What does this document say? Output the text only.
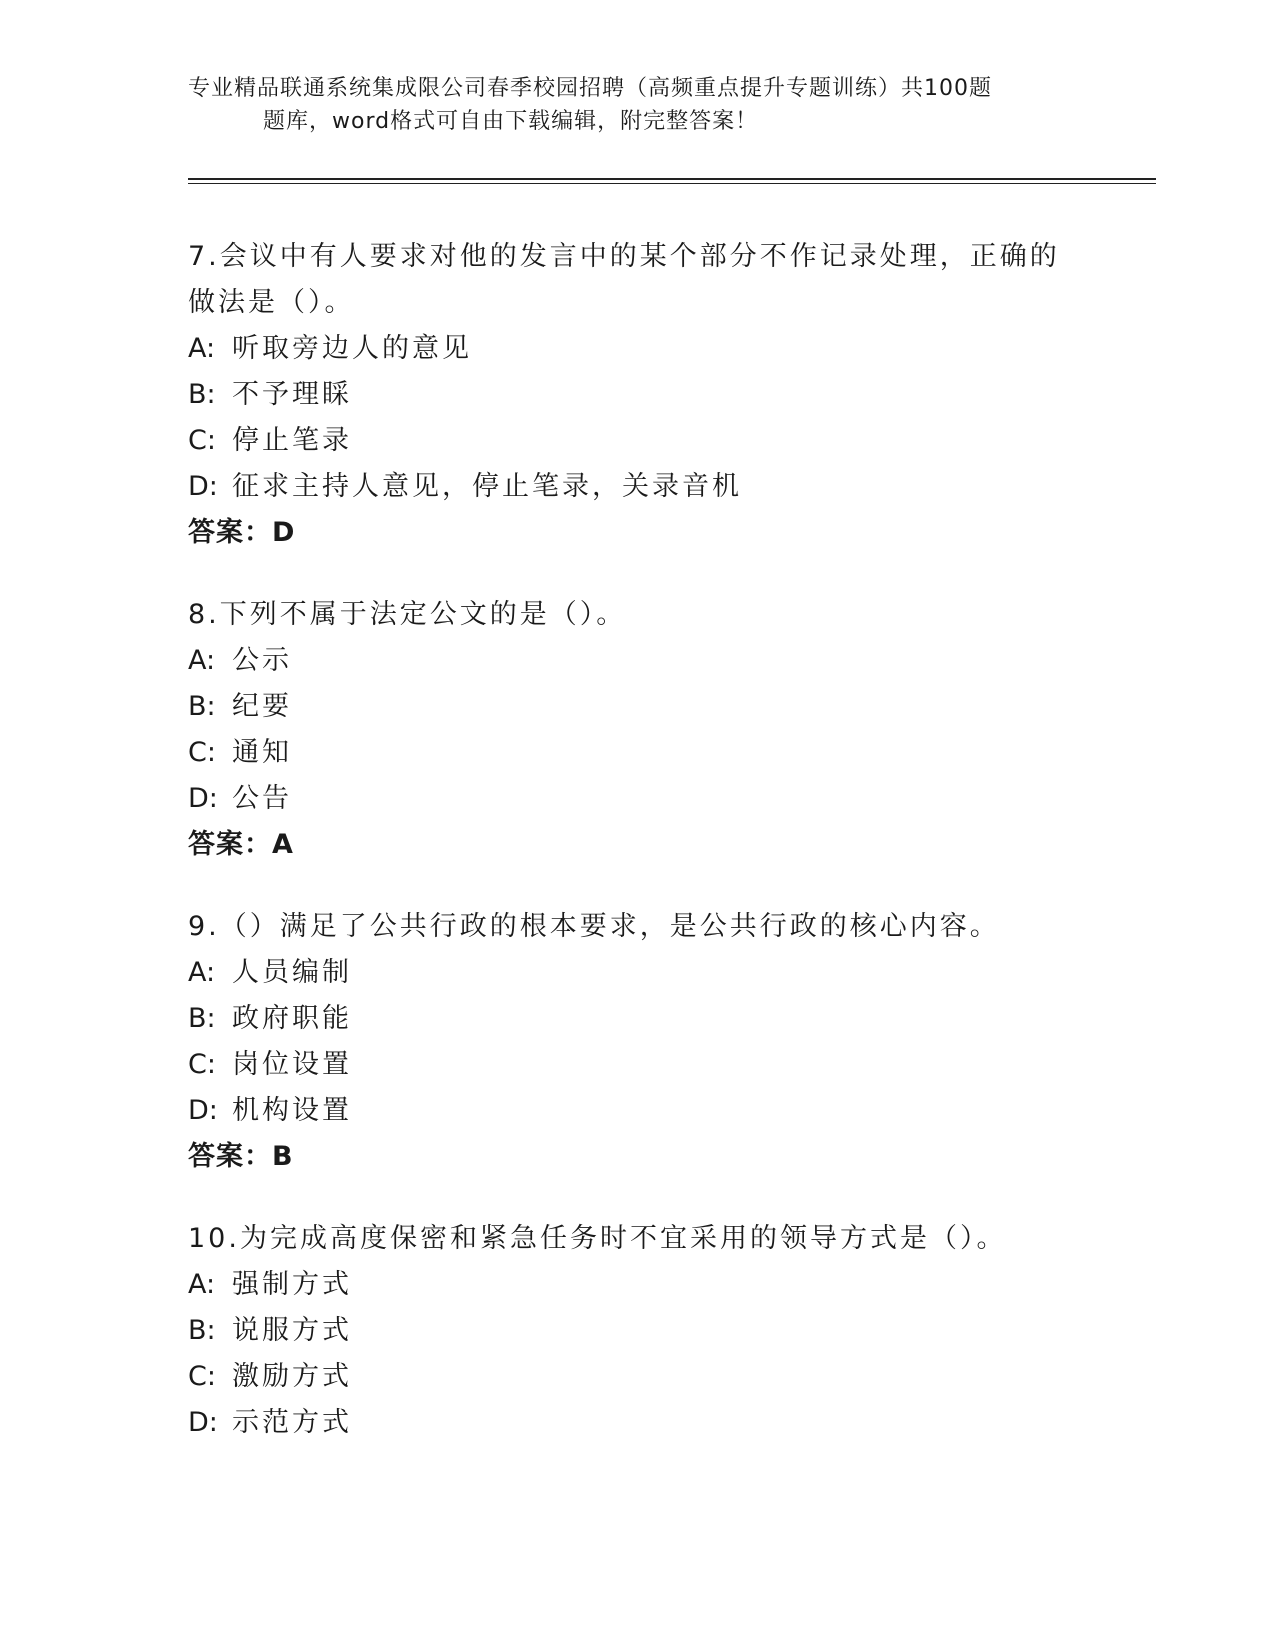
专业精品联通系统集成限公司春季校园招聘（高频重点提升专题训练）共100题
题库，word格式可自由下载编辑，附完整答案！

7.会议中有人要求对他的发言中的某个部分不作记录处理，正确的做法是（）。

A: 听取旁边人的意见

B: 不予理睬

C: 停止笔录

D: 征求主持人意见，停止笔录，关录音机

答案：D

8.下列不属于法定公文的是（）。

A: 公示

B: 纪要

C: 通知

D: 公告

答案：A

9.（）满足了公共行政的根本要求，是公共行政的核心内容。

A: 人员编制

B: 政府职能

C: 岗位设置

D: 机构设置

答案：B

10.为完成高度保密和紧急任务时不宜采用的领导方式是（）。

A: 强制方式

B: 说服方式

C: 激励方式

D: 示范方式
